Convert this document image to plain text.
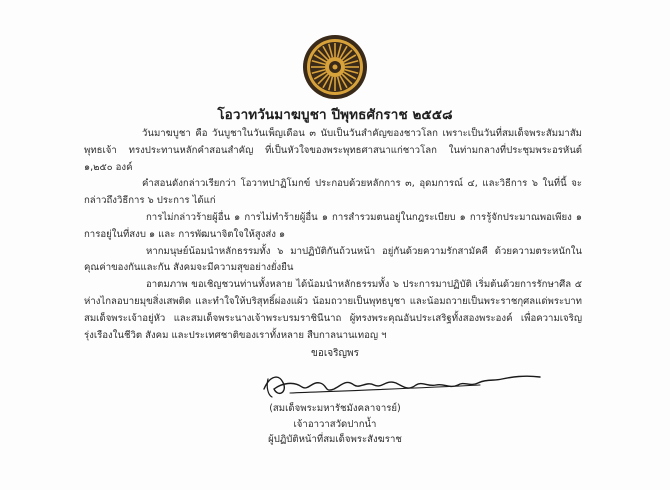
โอวาทวันมาฆบูชา ปีพุทธศักราช ๒๕๕๘

วันมาฆบูชา คือ วันบูชาในวันเพ็ญเดือน ๓ นับเป็นวันสำคัญของชาวโลก เพราะเป็นวันที่สมเด็จพระสัมมาสัมพุทธเจ้า ทรงประทานหลักคำสอนสำคัญ ที่เป็นหัวใจของพระพุทธศาสนาแก่ชาวโลก ในท่ามกลางที่ประชุมพระอรหันต์ ๑,๒๕๐ องค์

คำสอนดังกล่าวเรียกว่า โอวาทปาฏิโมกข์ ประกอบด้วยหลักการ ๓, อุดมการณ์ ๔, และวิธีการ ๖ ในที่นี้ จะกล่าวถึงวิธีการ ๖ ประการ ได้แก่

การไม่กล่าวร้ายผู้อื่น ๑ การไม่ทำร้ายผู้อื่น ๑ การสำรวมตนอยู่ในกฎระเบียบ ๑ การรู้จักประมาณพอเพียง ๑ การอยู่ในที่สงบ ๑ และ การพัฒนาจิตใจให้สูงส่ง ๑

หากมนุษย์น้อมนำหลักธรรมทั้ง ๖ มาปฏิบัติกันถ้วนหน้า อยู่กันด้วยความรักสามัคคี ด้วยความตระหนักในคุณค่าของกันและกัน สังคมจะมีความสุขอย่างยั่งยืน

อาตมภาพ ขอเชิญชวนท่านทั้งหลาย ได้น้อมนำหลักธรรมทั้ง ๖ ประการมาปฏิบัติ เริ่มต้นด้วยการรักษาศีล ๕ ห่างไกลอบายมุขสิ่งเสพติด และทำใจให้บริสุทธิ์ผ่องแผ้ว น้อมถวายเป็นพุทธบูชา และน้อมถวายเป็นพระราชกุศลแด่พระบาทสมเด็จพระเจ้าอยู่หัว และสมเด็จพระนางเจ้าพระบรมราชินีนาถ ผู้ทรงพระคุณอันประเสริฐทั้งสองพระองค์ เพื่อความเจริญรุ่งเรืองในชีวิต สังคม และประเทศชาติของเราทั้งหลาย สืบกาลนานเทอญ ฯ

ขอเจริญพร
(สมเด็จพระมหารัชมังคลาจารย์)
เจ้าอาวาสวัดปากน้ำ
ผู้ปฏิบัติหน้าที่สมเด็จพระสังฆราช
